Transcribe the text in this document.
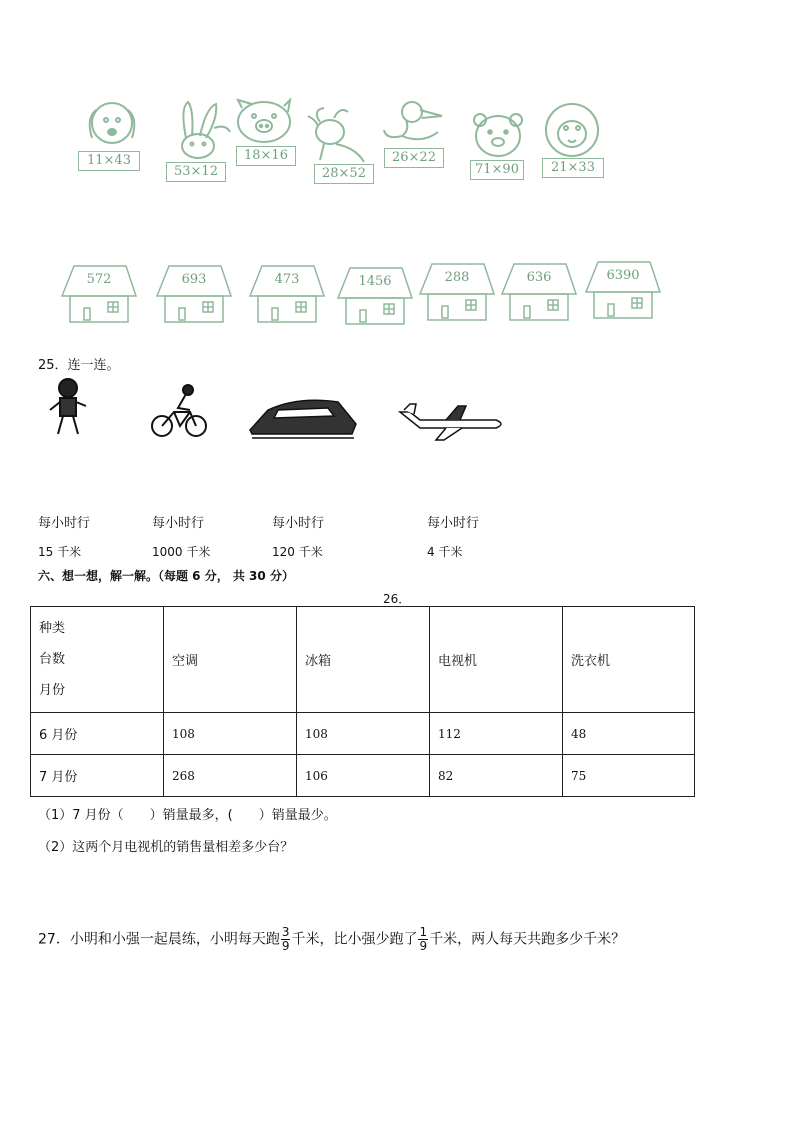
11×43
53×12
18×16
28×52
26×22
71×90	21×33
572	693	473	1456	288	636	6390
25．连一连。
每小时行	每小时行	每小时行	每小时行
15 千米	1000 千米	120 千米	4 千米
六、想一想，解一解。（每题 6 分， 共 30 分）
26．
种类
台数
月份	空调	冰箱	电视机	洗衣机
6 月份	108	108	112	48
7 月份	268	106	82	75
（1）7 月份（　　）销量最多，(　　）销量最少。
（2）这两个月电视机的销售量相差多少台？
27．小明和小强一起晨练，小明每天跑 $\frac{3}{9}$ 千米，比小强少跑了 $\frac{1}{9}$ 千米，两人每天共跑多少千米？
